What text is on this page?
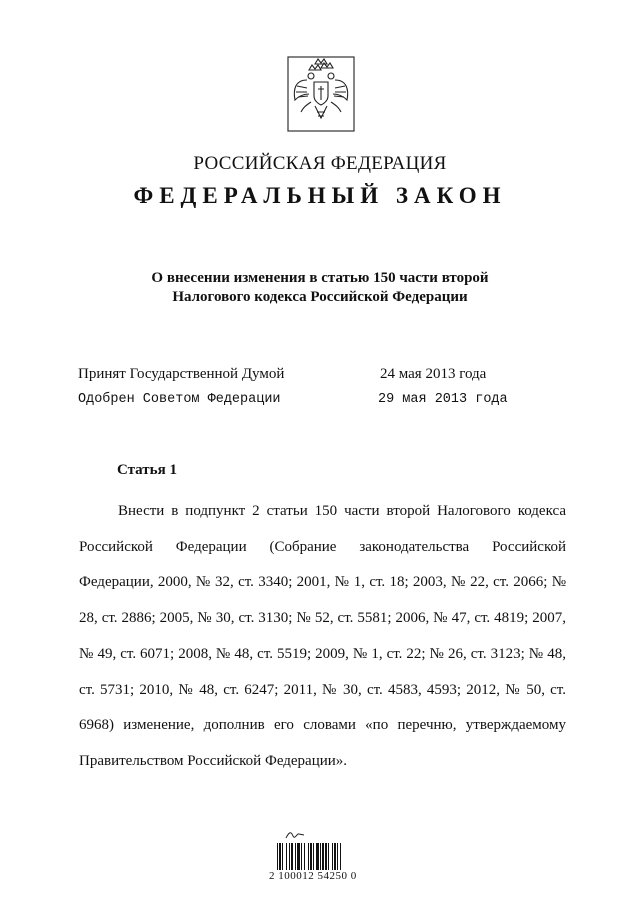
РОССИЙСКАЯ ФЕДЕРАЦИЯ
ФЕДЕРАЛЬНЫЙ ЗАКОН
О внесении изменения в статью 150 части второй
Налогового кодекса Российской Федерации
Принят Государственной Думой	24 мая 2013 года
Одобрен Советом Федерации	29 мая 2013 года
Статья 1

Внести в подпункт 2 статьи 150 части второй Налогового кодекса Российской Федерации (Собрание законодательства Российской Федерации, 2000, № 32, ст. 3340; 2001, № 1, ст. 18; 2003, № 22, ст. 2066; № 28, ст. 2886; 2005, № 30, ст. 3130; № 52, ст. 5581; 2006, № 47, ст. 4819; 2007, № 49, ст. 6071; 2008, № 48, ст. 5519; 2009, № 1, ст. 22; № 26, ст. 3123; № 48, ст. 5731; 2010, № 48, ст. 6247; 2011, № 30, ст. 4583, 4593; 2012, № 50, ст. 6968) изменение, дополнив его словами «по перечню, утверждаемому Правительством Российской Федерации».

2 100012 54250 0
